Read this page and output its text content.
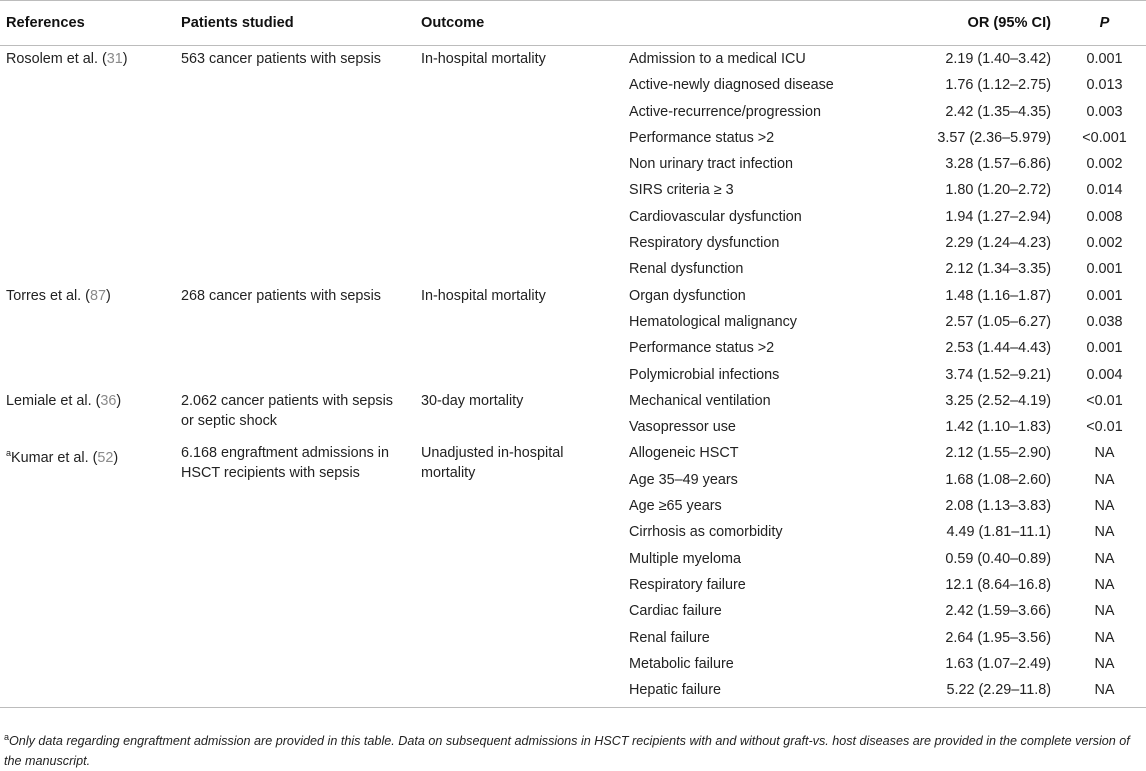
References	Patients studied	Outcome		OR (95% CI)	P
Rosolem et al. (31)	563 cancer patients with sepsis	In-hospital mortality	Admission to a medical ICU	2.19 (1.40–3.42)	0.001
			Active-newly diagnosed disease	1.76 (1.12–2.75)	0.013
			Active-recurrence/progression	2.42 (1.35–4.35)	0.003
			Performance status >2	3.57 (2.36–5.979)	<0.001
			Non urinary tract infection	3.28 (1.57–6.86)	0.002
			SIRS criteria ≥ 3	1.80 (1.20–2.72)	0.014
			Cardiovascular dysfunction	1.94 (1.27–2.94)	0.008
			Respiratory dysfunction	2.29 (1.24–4.23)	0.002
			Renal dysfunction	2.12 (1.34–3.35)	0.001
Torres et al. (87)	268 cancer patients with sepsis	In-hospital mortality	Organ dysfunction	1.48 (1.16–1.87)	0.001
			Hematological malignancy	2.57 (1.05–6.27)	0.038
			Performance status >2	2.53 (1.44–4.43)	0.001
			Polymicrobial infections	3.74 (1.52–9.21)	0.004
Lemiale et al. (36)	2.062 cancer patients with sepsis or septic shock	30-day mortality	Mechanical ventilation	3.25 (2.52–4.19)	<0.01
			Vasopressor use	1.42 (1.10–1.83)	<0.01
$^a$Kumar et al. (52)	6.168 engraftment admissions in HSCT recipients with sepsis	Unadjusted in-hospital mortality	Allogeneic HSCT	2.12 (1.55–2.90)	NA
			Age 35–49 years	1.68 (1.08–2.60)	NA
			Age ≥65 years	2.08 (1.13–3.83)	NA
			Cirrhosis as comorbidity	4.49 (1.81–11.1)	NA
			Multiple myeloma	0.59 (0.40–0.89)	NA
			Respiratory failure	12.1 (8.64–16.8)	NA
			Cardiac failure	2.42 (1.59–3.66)	NA
			Renal failure	2.64 (1.95–3.56)	NA
			Metabolic failure	1.63 (1.07–2.49)	NA
			Hepatic failure	5.22 (2.29–11.8)	NA
$^a$Only data regarding engraftment admission are provided in this table. Data on subsequent admissions in HSCT recipients with and without graft-vs. host diseases are provided in the complete version of the manuscript.
